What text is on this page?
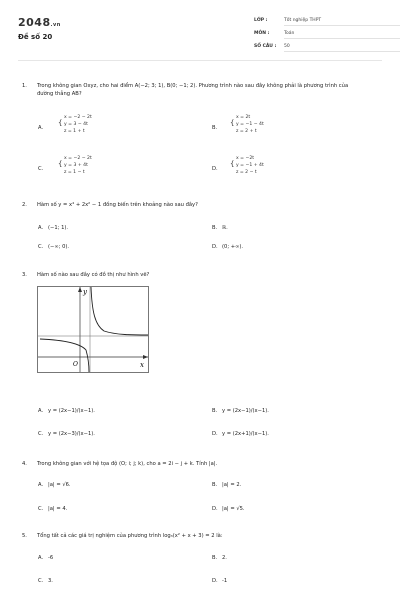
2048.vn
Đề số 20
LỚP :	Tốt nghiệp THPT
MÔN :	Toán
SỐ CÂU : 50
1. Trong không gian Oxyz, cho hai điểm A(−2; 3; 1), B(0; −1; 2). Phương trình nào sau đây không phải là phương trình của đường thẳng AB?
A.
{
x = −2 − 2t
y = 3 − 4t
z = 1 + t
B.
{
x = 2t
y = −1 − 4t
z = 2 + t
C.
{
x = −2 − 2t
y = 3 + 4t
z = 1 − t
D.
{
x = −2t
y = −1 + 4t
z = 2 − t
2. Hàm số y = x⁴ + 2x² − 1 đồng biến trên khoảng nào sau đây?
A. (−1; 1).	B. ℝ.
C. (−∞; 0).	D. (0; +∞).
3. Hàm số nào sau đây có đồ thị như hình vẽ?
y
x
O
A. y = (2x−1)/(x−1).	B. y = (2x−1)/(x−1).
C. y = (2x−3)/(x−1).	D. y = (2x+1)/(x−1).
4. Trong không gian với hệ tọa độ (O; i; j; k), cho a = 2i − j + k. Tính |a|.
A. |a| = √6.	B. |a| = 2.
C. |a| = 4.	D. |a| = √5.
5. Tổng tất cả các giá trị nghiệm của phương trình log₃(x² + x + 3) = 2 là:
A. -6	B. 2.
C. 3.	D. -1
